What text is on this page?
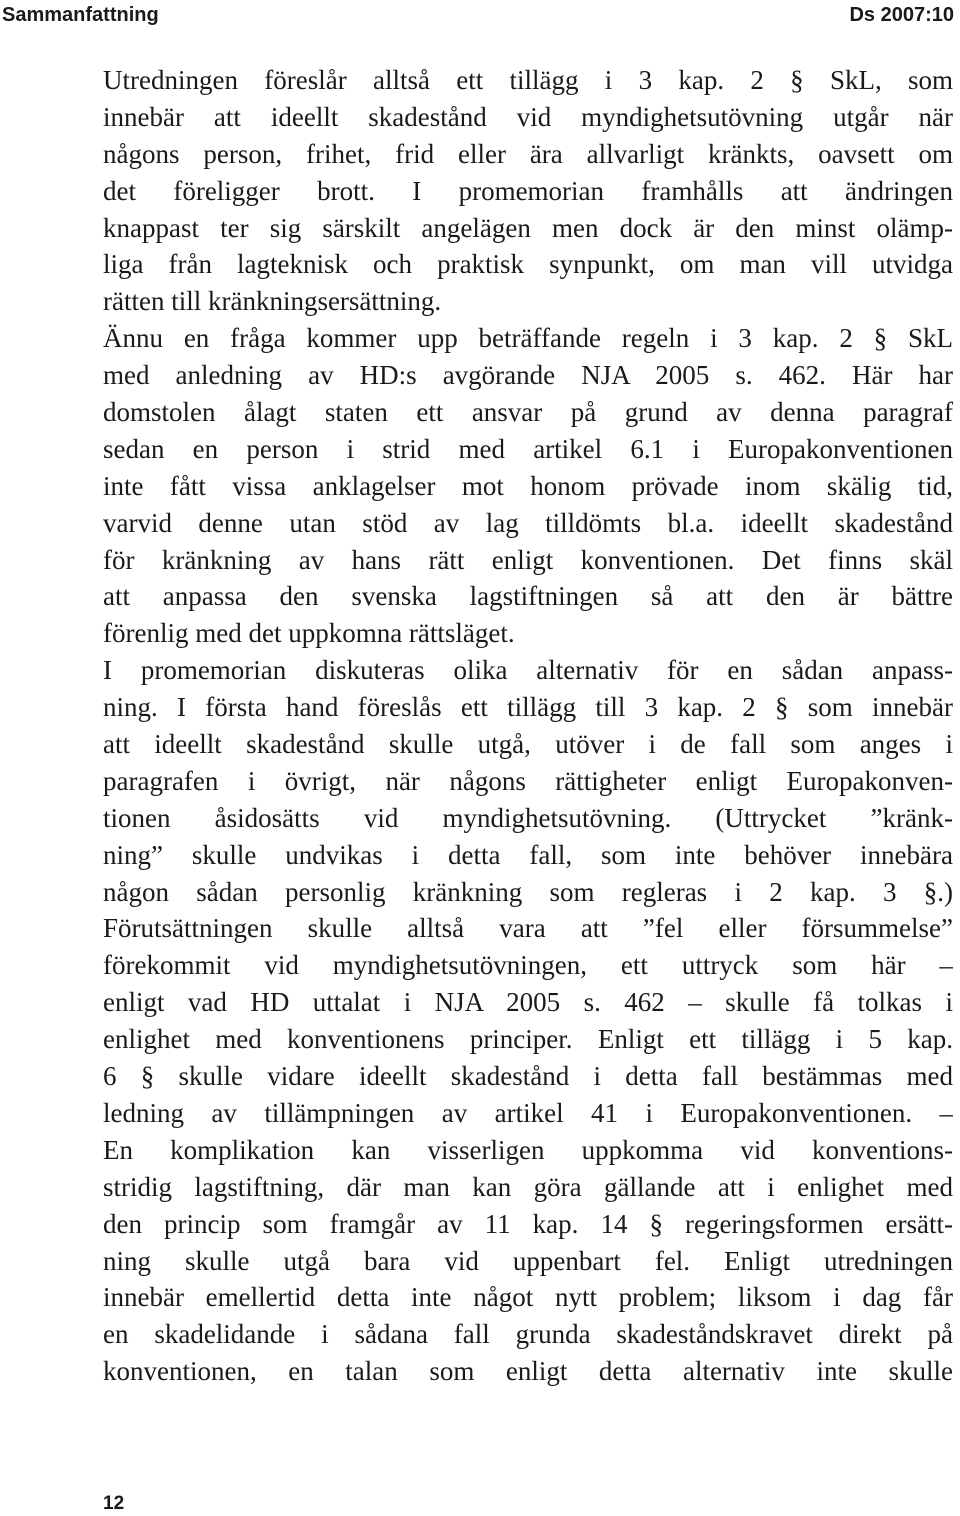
Sammanfattning	Ds 2007:10
Utredningen föreslår alltså ett tillägg i 3 kap. 2 § SkL, som
innebär att ideellt skadestånd vid myndighetsutövning utgår när
någons person, frihet, frid eller ära allvarligt kränkts, oavsett om
det föreligger brott. I promemorian framhålls att ändringen
knappast ter sig särskilt angelägen men dock är den minst olämp-
liga från lagteknisk och praktisk synpunkt, om man vill utvidga
rätten till kränkningsersättning.
Ännu en fråga kommer upp beträffande regeln i 3 kap. 2 § SkL
med anledning av HD:s avgörande NJA 2005 s. 462. Här har
domstolen ålagt staten ett ansvar på grund av denna paragraf
sedan en person i strid med artikel 6.1 i Europakonventionen
inte fått vissa anklagelser mot honom prövade inom skälig tid,
varvid denne utan stöd av lag tilldömts bl.a. ideellt skadestånd
för kränkning av hans rätt enligt konventionen. Det finns skäl
att anpassa den svenska lagstiftningen så att den är bättre
förenlig med det uppkomna rättsläget.
I promemorian diskuteras olika alternativ för en sådan anpass-
ning. I första hand föreslås ett tillägg till 3 kap. 2 § som innebär
att ideellt skadestånd skulle utgå, utöver i de fall som anges i
paragrafen i övrigt, när någons rättigheter enligt Europakonven-
tionen åsidosätts vid myndighetsutövning. (Uttrycket ”kränk-
ning” skulle undvikas i detta fall, som inte behöver innebära
någon sådan personlig kränkning som regleras i 2 kap. 3 §.)
Förutsättningen skulle alltså vara att ”fel eller försummelse”
förekommit vid myndighetsutövningen, ett uttryck som här –
enligt vad HD uttalat i NJA 2005 s. 462 – skulle få tolkas i
enlighet med konventionens principer. Enligt ett tillägg i 5 kap.
6 § skulle vidare ideellt skadestånd i detta fall bestämmas med
ledning av tillämpningen av artikel 41 i Europakonventionen. –
En komplikation kan visserligen uppkomma vid konventions-
stridig lagstiftning, där man kan göra gällande att i enlighet med
den princip som framgår av 11 kap. 14 § regeringsformen ersätt-
ning skulle utgå bara vid uppenbart fel. Enligt utredningen
innebär emellertid detta inte något nytt problem; liksom i dag får
en skadelidande i sådana fall grunda skadeståndskravet direkt på
konventionen, en talan som enligt detta alternativ inte skulle
12
